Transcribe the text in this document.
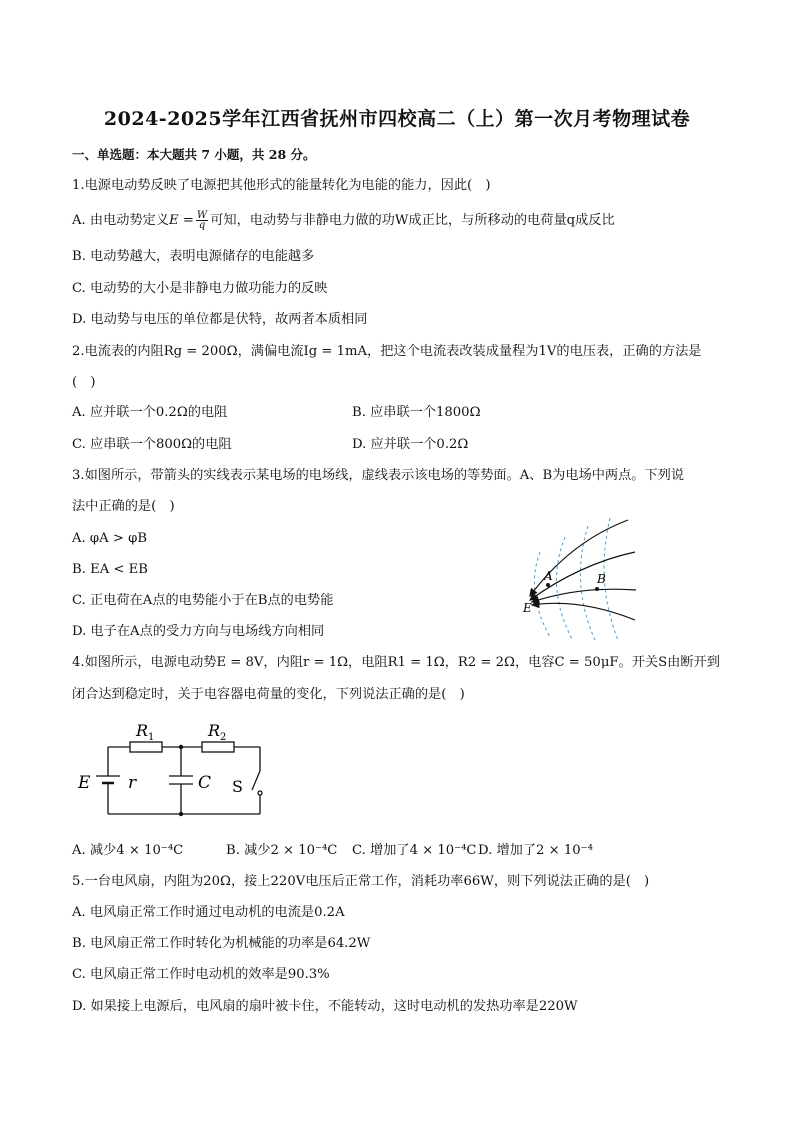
2024-2025学年江西省抚州市四校高二（上）第一次月考物理试卷
一、单选题：本大题共 7 小题，共 28 分。
1.电源电动势反映了电源把其他形式的能量转化为电能的能力，因此(　)
A. 由电动势定义$E = \frac{W}{q}$ 可知，电动势与非静电力做的功W成正比，与所移动的电荷量q成反比
B. 电动势越大，表明电源储存的电能越多
C. 电动势的大小是非静电力做功能力的反映
D. 电动势与电压的单位都是伏特，故两者本质相同
2.电流表的内阻Rg = 200Ω，满偏电流Ig = 1mA，把这个电流表改装成量程为1V的电压表，正确的方法是
(　)
A. 应并联一个0.2Ω的电阻	B. 应串联一个1800Ω
C. 应串联一个800Ω的电阻	D. 应并联一个0.2Ω
3.如图所示，带箭头的实线表示某电场的电场线，虚线表示该电场的等势面。A、B为电场中两点。下列说
法中正确的是(　)
A. φA > φB
B. EA < EB
C. 正电荷在A点的电势能小于在B点的电势能
D. 电子在A点的受力方向与电场线方向相同
A	B
E
4.如图所示，电源电动势E = 8V，内阻r = 1Ω，电阻R1 = 1Ω，R2 = 2Ω，电容C = 50μF。开关S由断开到
闭合达到稳定时，关于电容器电荷量的变化，下列说法正确的是(　)
$R_1$	$R_2$
E r	C S
A. 减少4 × 10⁻⁴C	B. 减少2 × 10⁻⁴C C. 增加了4 × 10⁻⁴C D. 增加了2 × 10⁻⁴
5.一台电风扇，内阻为20Ω，接上220V电压后正常工作，消耗功率66W，则下列说法正确的是(　)
A. 电风扇正常工作时通过电动机的电流是0.2A
B. 电风扇正常工作时转化为机械能的功率是64.2W
C. 电风扇正常工作时电动机的效率是90.3%
D. 如果接上电源后，电风扇的扇叶被卡住，不能转动，这时电动机的发热功率是220W
